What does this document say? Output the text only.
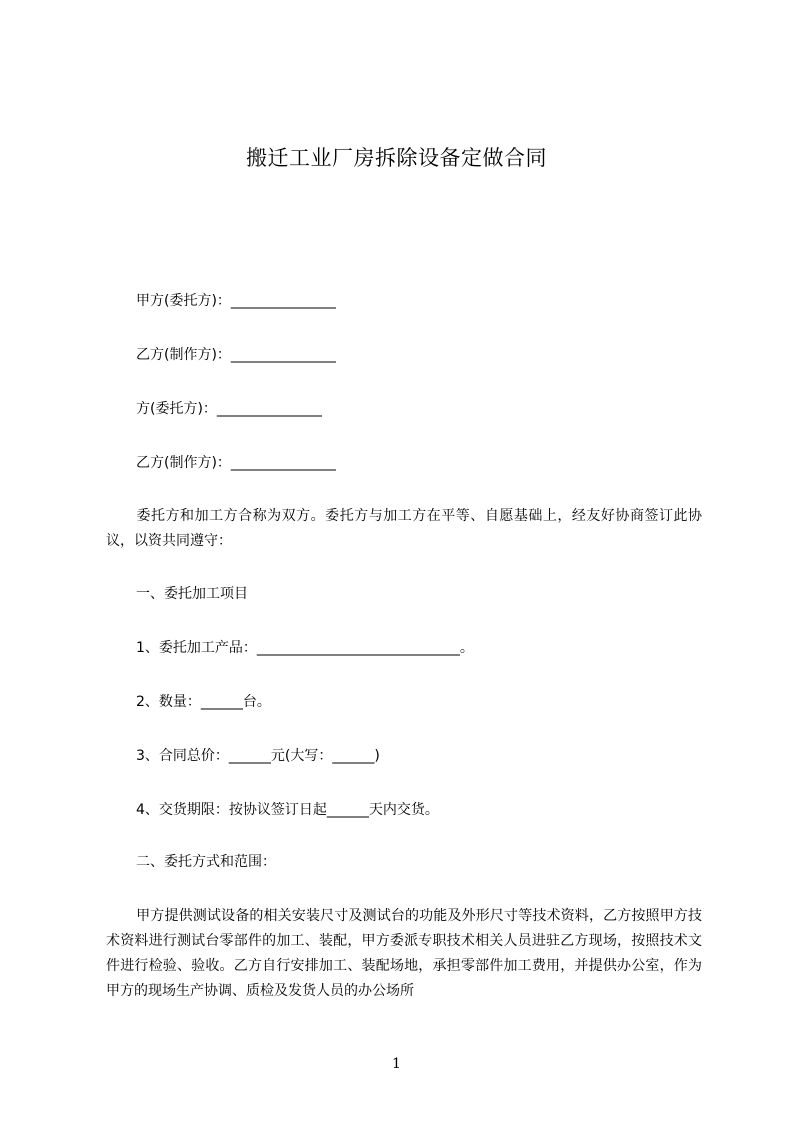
搬迁工业厂房拆除设备定做合同
甲方(委托方)：_______________
乙方(制作方)：_______________
方(委托方)：_______________
乙方(制作方)：_______________
委托方和加工方合称为双方。委托方与加工方在平等、自愿基础上，经友好协商签订此协议，以资共同遵守：
一、委托加工项目
1、委托加工产品：_____________________________。
2、数量：______台。
3、合同总价：______元(大写：______)
4、交货期限：按协议签订日起______天内交货。
二、委托方式和范围：
甲方提供测试设备的相关安装尺寸及测试台的功能及外形尺寸等技术资料，乙方按照甲方技术资料进行测试台零部件的加工、装配，甲方委派专职技术相关人员进驻乙方现场，按照技术文件进行检验、验收。乙方自行安排加工、装配场地，承担零部件加工费用，并提供办公室，作为甲方的现场生产协调、质检及发货人员的办公场所
1
